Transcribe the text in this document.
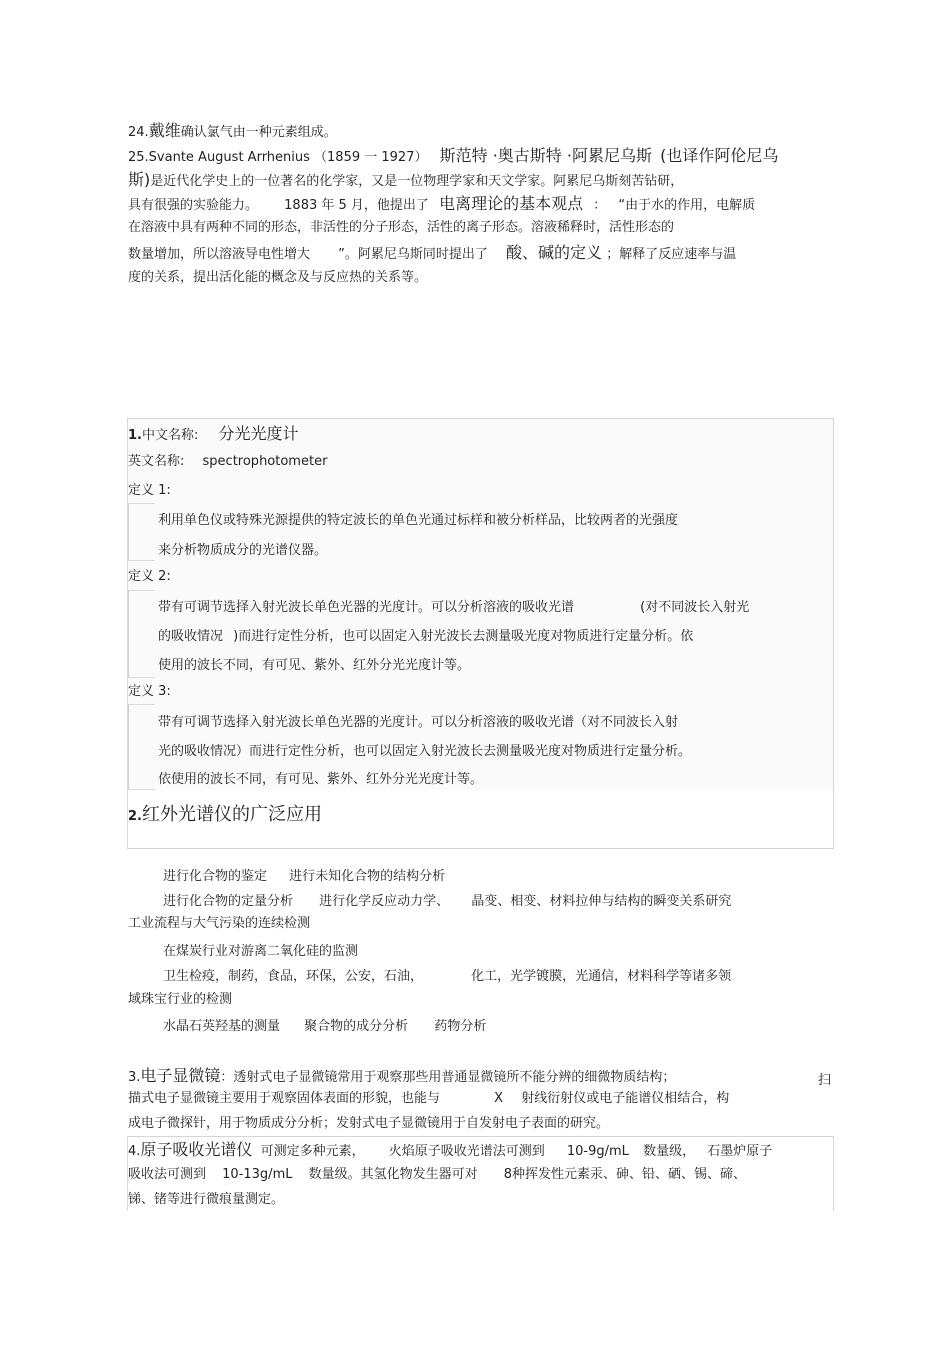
24.戴维确认氯气由一种元素组成。
25.Svante August Arrhenius （1859 一 1927） 斯范特 ·奥古斯特 ·阿累尼乌斯 (也译作阿伦尼乌
斯)是近代化学史上的一位著名的化学家，又是一位物理学家和天文学家。阿累尼乌斯刻苦钻研，
具有很强的实验能力。 1883 年 5 月，他提出了 电离理论的基本观点 ： “由于水的作用，电解质
在溶液中具有两种不同的形态，非活性的分子形态，活性的离子形态。溶液稀释时，活性形态的
数量增加，所以溶液导电性增大 ”。阿累尼乌斯同时提出了 酸、碱的定义 ；解释了反应速率与温
度的关系，提出活化能的概念及与反应热的关系等。
1.中文名称: 分光光度计
英文名称: spectrophotometer
定义 1:
利用单色仪或特殊光源提供的特定波长的单色光通过标样和被分析样品，比较两者的光强度
来分析物质成分的光谱仪器。
定义 2:
带有可调节选择入射光波长单色光器的光度计。可以分析溶液的吸收光谱	(对不同波长入射光
的吸收情况 )而进行定性分析，也可以固定入射光波长去测量吸光度对物质进行定量分析。依
使用的波长不同，有可见、紫外、红外分光光度计等。
定义 3:
带有可调节选择入射光波长单色光器的光度计。可以分析溶液的吸收光谱（对不同波长入射
光的吸收情况）而进行定性分析，也可以固定入射光波长去测量吸光度对物质进行定量分析。
依使用的波长不同，有可见、紫外、红外分光光度计等。
2.红外光谱仪的广泛应用
进行化合物的鉴定 进行未知化合物的结构分析
进行化合物的定量分析 进行化学反应动力学、 晶变、相变、材料拉伸与结构的瞬变关系研究
工业流程与大气污染的连续检测
在煤炭行业对游离二氧化硅的监测
卫生检疫，制药，食品，环保，公安，石油，	化工，光学镀膜，光通信，材料科学等诸多领
域珠宝行业的检测
水晶石英羟基的测量 聚合物的成分分析 药物分析
3.电子显微镜：透射式电子显微镜常用于观察那些用普通显微镜所不能分辨的细微物质结构；	扫
描式电子显微镜主要用于观察固体表面的形貌，也能与	X 射线衍射仪或电子能谱仪相结合，构
成电子微探针，用于物质成分分析；发射式电子显微镜用于自发射电子表面的研究。
4.原子吸收光谱仪 可测定多种元素， 火焰原子吸收光谱法可测到 10-9g/mL 数量级， 石墨炉原子
吸收法可测到 10-13g/mL 数量级。其氢化物发生器可对 8种挥发性元素汞、砷、铅、硒、锡、碲、
锑、锗等进行微痕量测定。
